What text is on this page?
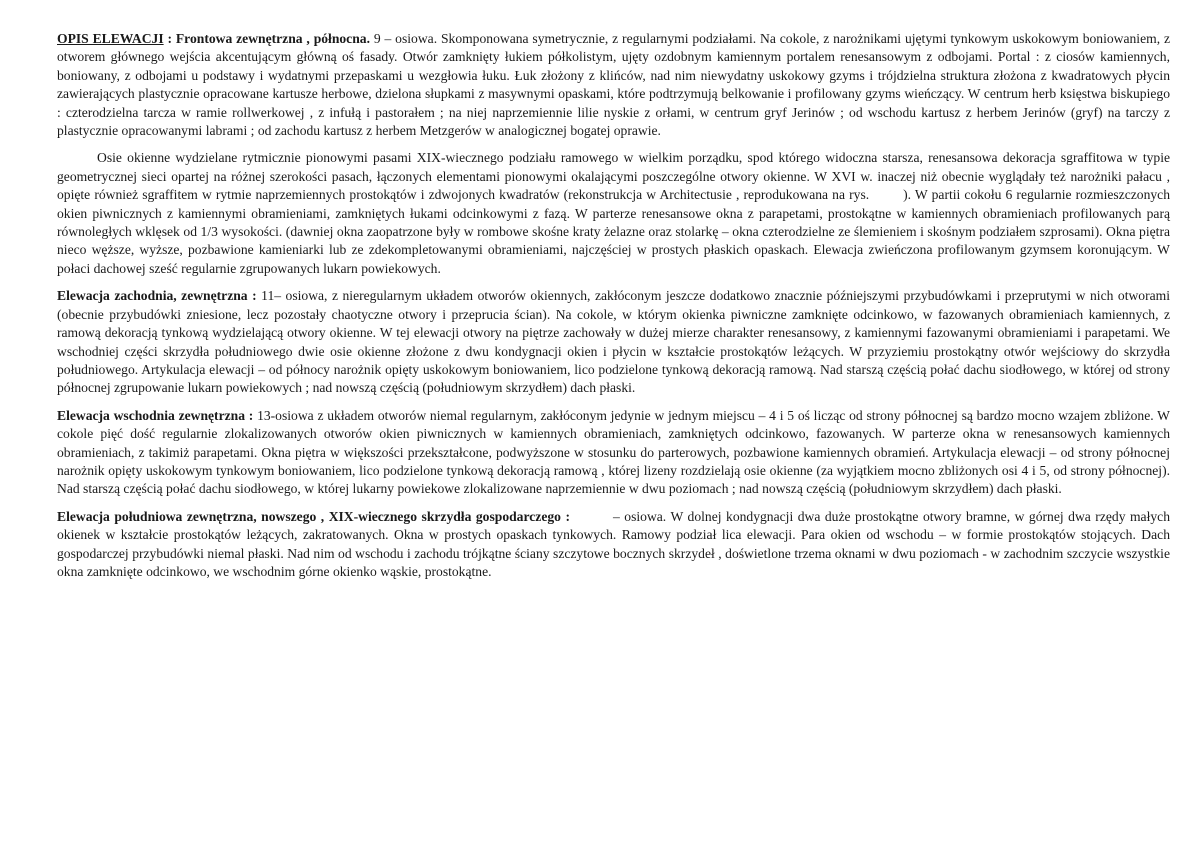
OPIS ELEWACJI : Frontowa zewnętrzna , północna. 9 – osiowa. Skomponowana symetrycznie, z regularnymi podziałami. Na cokole, z narożnikami ujętymi tynkowym uskokowym boniowaniem, z otworem głównego wejścia akcentującym główną oś fasady. Otwór zamknięty łukiem półkolistym, ujęty ozdobnym kamiennym portalem renesansowym z odbojami. Portal : z ciosów kamiennych, boniowany, z odbojami u podstawy i wydatnymi przepaskami u wezgłowia łuku. Łuk złożony z klińców, nad nim niewydatny uskokowy gzyms i trójdzielna struktura złożona z kwadratowych płycin zawierających plastycznie opracowane kartusze herbowe, dzielona słupkami z masywnymi opaskami, które podtrzymują belkowanie i profilowany gzyms wieńczący. W centrum herb księstwa biskupiego : czterodzielna tarcza w ramie rollwerkowej , z infułą i pastorałem ; na niej naprzemiennie lilie nyskie z orłami, w centrum gryf Jerinów ; od wschodu kartusz z herbem Jerinów (gryf) na tarczy z plastycznie opracowanymi labrami ; od zachodu kartusz z herbem Metzgerów w analogicznej bogatej oprawie.

Osie okienne wydzielane rytmicznie pionowymi pasami XIX-wiecznego podziału ramowego w wielkim porządku, spod którego widoczna starsza, renesansowa dekoracja sgraffitowa w typie geometrycznej sieci opartej na różnej szerokości pasach, łączonych elementami pionowymi okalającymi poszczególne otwory okienne. W XVI w. inaczej niż obecnie wyglądały też narożniki pałacu , opięte również sgraffitem w rytmie naprzemiennych prostokątów i zdwojonych kwadratów (rekonstrukcja w Architectusie , reprodukowana na rys.	). W partii cokołu 6 regularnie rozmieszczonych okien piwnicznych z kamiennymi obramieniami, zamkniętych łukami odcinkowymi z fazą. W parterze renesansowe okna z parapetami, prostokątne w kamiennych obramieniach profilowanych parą równoległych wklęsek od 1/3 wysokości. (dawniej okna zaopatrzone były w rombowe skośne kraty żelazne oraz stolarkę – okna czterodzielne ze ślemieniem i skośnym podziałem szprosami). Okna piętra nieco węższe, wyższe, pozbawione kamieniarki lub ze zdekompletowanymi obramieniami, najczęściej w prostych płaskich opaskach. Elewacja zwieńczona profilowanym gzymsem koronującym. W połaci dachowej sześć regularnie zgrupowanych lukarn powiekowych.

Elewacja zachodnia, zewnętrzna : 11– osiowa, z nieregularnym układem otworów okiennych, zakłóconym jeszcze dodatkowo znacznie późniejszymi przybudówkami i przeprutymi w nich otworami (obecnie przybudówki zniesione, lecz pozostały chaotyczne otwory i przeprucia ścian). Na cokole, w którym okienka piwniczne zamknięte odcinkowo, w fazowanych obramieniach kamiennych, z ramową dekoracją tynkową wydzielającą otwory okienne. W tej elewacji otwory na piętrze zachowały w dużej mierze charakter renesansowy, z kamiennymi fazowanymi obramieniami i parapetami. We wschodniej części skrzydła południowego dwie osie okienne złożone z dwu kondygnacji okien i płycin w kształcie prostokątów leżących. W przyziemiu prostokątny otwór wejściowy do skrzydła południowego. Artykulacja elewacji – od północy narożnik opięty uskokowym boniowaniem, lico podzielone tynkową dekoracją ramową. Nad starszą częścią połać dachu siodłowego, w której od strony północnej zgrupowanie lukarn powiekowych ; nad nowszą częścią (południowym skrzydłem) dach płaski.

Elewacja wschodnia zewnętrzna : 13-osiowa z układem otworów niemal regularnym, zakłóconym jedynie w jednym miejscu – 4 i 5 oś licząc od strony północnej są bardzo mocno wzajem zbliżone. W cokole pięć dość regularnie zlokalizowanych otworów okien piwnicznych w kamiennych obramieniach, zamkniętych odcinkowo, fazowanych. W parterze okna w renesansowych kamiennych obramieniach, z takimiż parapetami. Okna piętra w większości przekształcone, podwyższone w stosunku do parterowych, pozbawione kamiennych obramień. Artykulacja elewacji – od strony północnej narożnik opięty uskokowym tynkowym boniowaniem, lico podzielone tynkową dekoracją ramową , której lizeny rozdzielają osie okienne (za wyjątkiem mocno zbliżonych osi 4 i 5, od strony północnej). Nad starszą częścią połać dachu siodłowego, w której lukarny powiekowe zlokalizowane naprzemiennie w dwu poziomach ; nad nowszą częścią (południowym skrzydłem) dach płaski.

Elewacja południowa zewnętrzna, nowszego , XIX-wiecznego skrzydła gospodarczego :	– osiowa. W dolnej kondygnacji dwa duże prostokątne otwory bramne, w górnej dwa rzędy małych okienek w kształcie prostokątów leżących, zakratowanych. Okna w prostych opaskach tynkowych. Ramowy podział lica elewacji. Para okien od wschodu – w formie prostokątów stojących. Dach gospodarczej przybudówki niemal płaski. Nad nim od wschodu i zachodu trójkątne ściany szczytowe bocznych skrzydeł , doświetlone trzema oknami w dwu poziomach - w zachodnim szczycie wszystkie okna zamknięte odcinkowo, we wschodnim górne okienko wąskie, prostokątne.
